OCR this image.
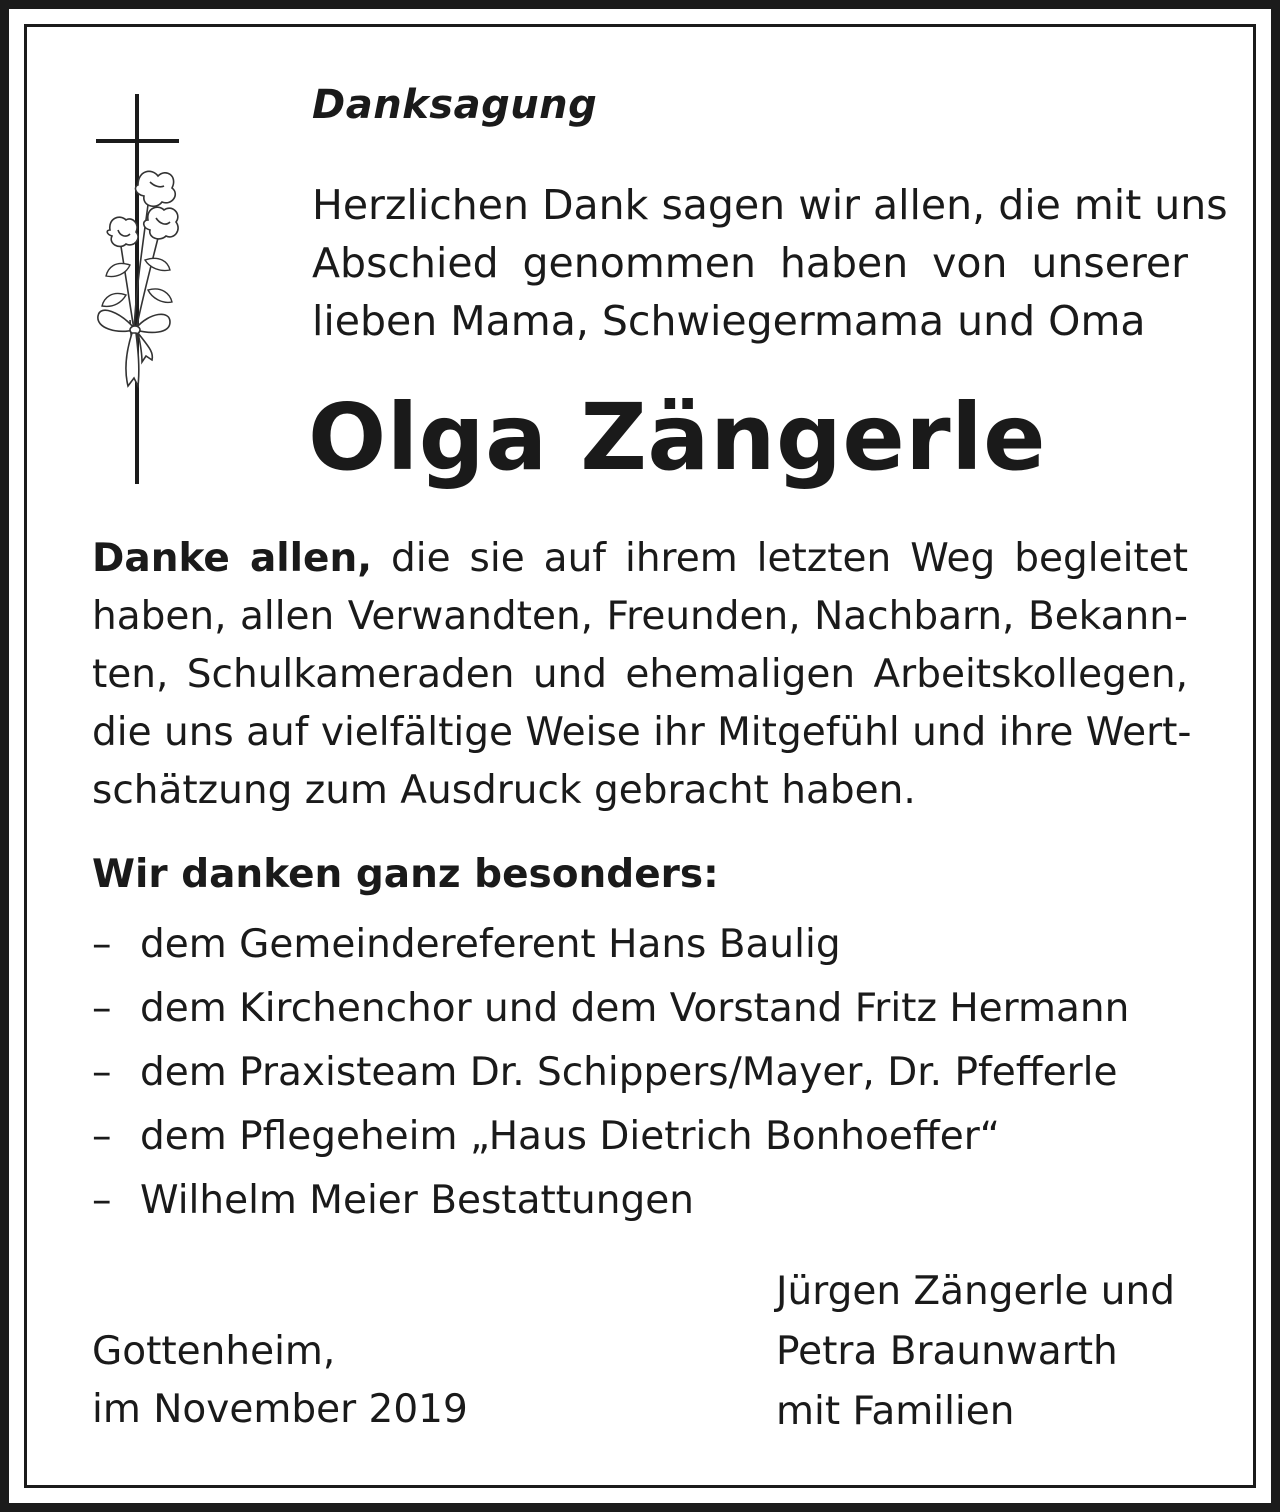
Danksagung

Herzlichen Dank sagen wir allen, die mit uns
Abschied genommen haben von unserer
lieben Mama, Schwiegermama und Oma

Olga Zängerle

Danke allen, die sie auf ihrem letzten Weg begleitet
haben, allen Verwandten, Freunden, Nachbarn, Bekann-
ten, Schulkameraden und ehemaligen Arbeitskollegen,
die uns auf vielfältige Weise ihr Mitgefühl und ihre Wert-
schätzung zum Ausdruck gebracht haben.

Wir danken ganz besonders:
– dem Gemeindereferent Hans Baulig
– dem Kirchenchor und dem Vorstand Fritz Hermann
– dem Praxisteam Dr. Schippers/Mayer, Dr. Pfefferle
– dem Pflegeheim „Haus Dietrich Bonhoeffer“
– Wilhelm Meier Bestattungen

Gottenheim,
im November 2019

Jürgen Zängerle und
Petra Braunwarth
mit Familien
